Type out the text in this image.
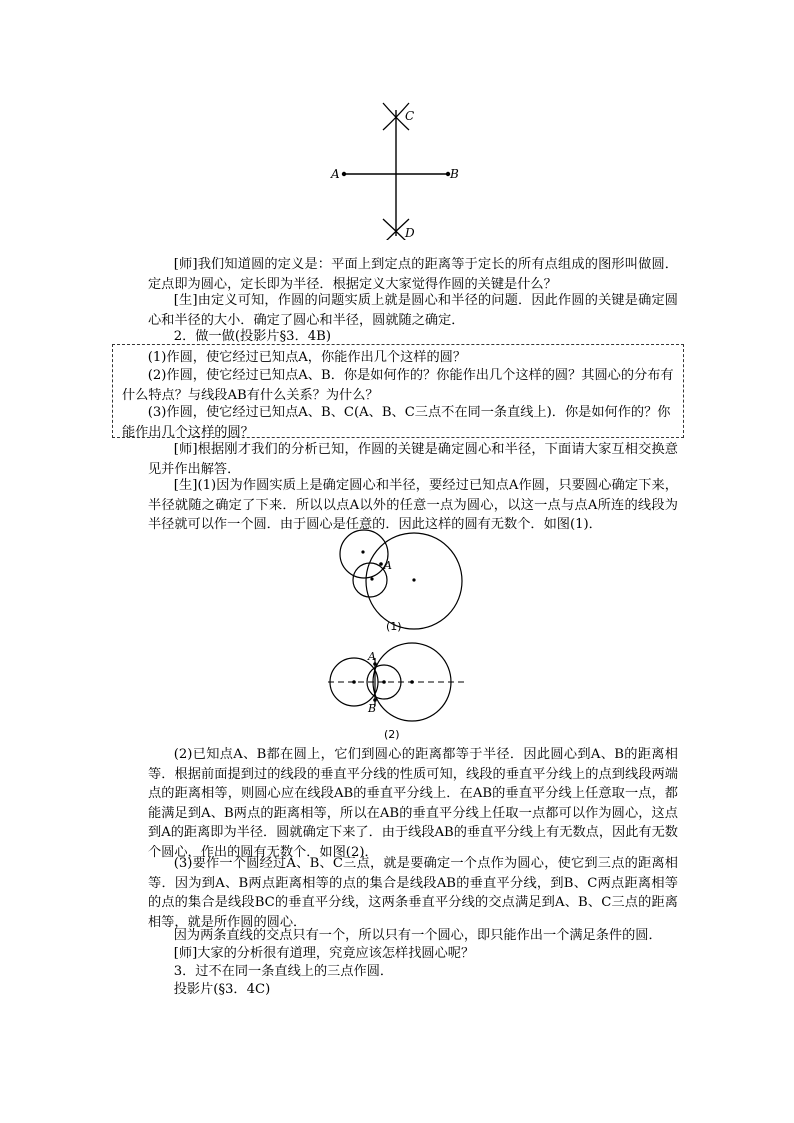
C
A	B
D

[师]我们知道圆的定义是：平面上到定点的距离等于定长的所有点组成的图形叫做圆．定点即为圆心，定长即为半径．根据定义大家觉得作圆的关键是什么？

[生]由定义可知，作圆的问题实质上就是圆心和半径的问题．因此作圆的关键是确定圆心和半径的大小．确定了圆心和半径，圆就随之确定．

2．做一做(投影片§3．4B)

(1)作圆，使它经过已知点A，你能作出几个这样的圆？

(2)作圆，使它经过已知点A、B．你是如何作的？你能作出几个这样的圆？其圆心的分布有什么特点？与线段AB有什么关系？为什么？

(3)作圆，使它经过已知点A、B、C(A、B、C三点不在同一条直线上)．你是如何作的？你能作出几个这样的圆？

[师]根据刚才我们的分析已知，作圆的关键是确定圆心和半径，下面请大家互相交换意见并作出解答．

[生](1)因为作圆实质上是确定圆心和半径，要经过已知点A作圆，只要圆心确定下来，半径就随之确定了下来．所以以点A以外的任意一点为圆心，以这一点与点A所连的线段为半径就可以作一个圆．由于圆心是任意的．因此这样的圆有无数个．如图(1)．

A
(1)
A
B
(2)

(2)已知点A、B都在圆上，它们到圆心的距离都等于半径．因此圆心到A、B的距离相等．根据前面提到过的线段的垂直平分线的性质可知，线段的垂直平分线上的点到线段两端点的距离相等，则圆心应在线段AB的垂直平分线上．在AB的垂直平分线上任意取一点，都能满足到A、B两点的距离相等，所以在AB的垂直平分线上任取一点都可以作为圆心，这点到A的距离即为半径．圆就确定下来了．由于线段AB的垂直平分线上有无数点，因此有无数个圆心，作出的圆有无数个．如图(2)．

(3)要作一个圆经过A、B、C三点，就是要确定一个点作为圆心，使它到三点的距离相等．因为到A、B两点距离相等的点的集合是线段AB的垂直平分线，到B、C两点距离相等的点的集合是线段BC的垂直平分线，这两条垂直平分线的交点满足到A、B、C三点的距离相等，就是所作圆的圆心．

因为两条直线的交点只有一个，所以只有一个圆心，即只能作出一个满足条件的圆．

[师]大家的分析很有道理，究竟应该怎样找圆心呢？

3．过不在同一条直线上的三点作圆．

投影片(§3．4C)
